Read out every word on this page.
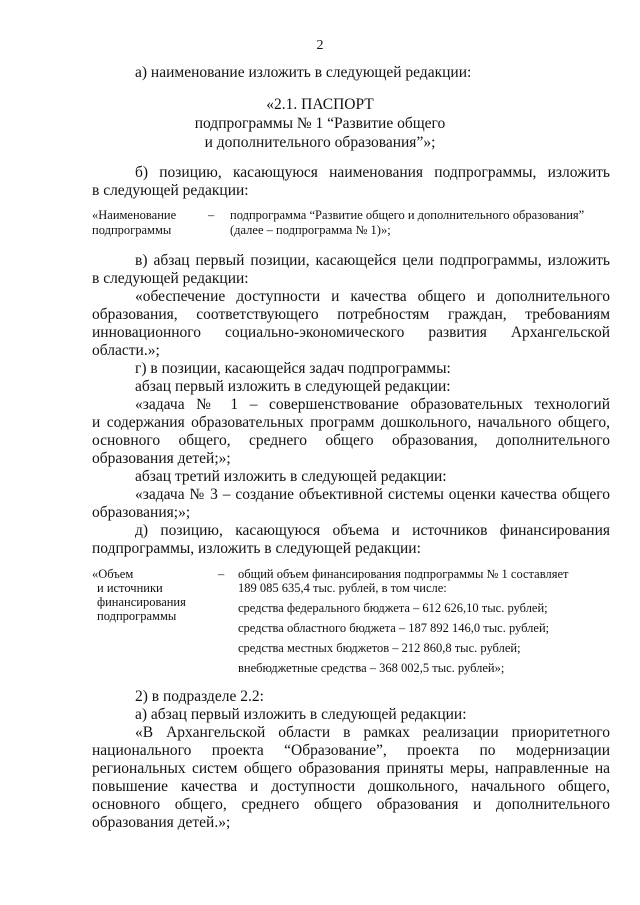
2
а) наименование изложить в следующей редакции:
«2.1. ПАСПОРТ
подпрограммы № 1 “Развитие общего
и дополнительного образования”»;
б) позицию, касающуюся наименования подпрограммы, изложить
в следующей редакции:
«Наименование
подпрограммы
– подпрограмма “Развитие общего и дополнительного образования”
(далее – подпрограмма № 1)»;
в) абзац первый позиции, касающейся цели подпрограммы, изложить
в следующей редакции:
«обеспечение доступности и качества общего и дополнительного
образования, соответствующего потребностям граждан, требованиям
инновационного социально-экономического развития Архангельской
области.»;
г) в позиции, касающейся задач подпрограммы:
абзац первый изложить в следующей редакции:
«задача № 1 – совершенствование образовательных технологий
и содержания образовательных программ дошкольного, начального общего,
основного общего, среднего общего образования, дополнительного
образования детей;»;
абзац третий изложить в следующей редакции:
«задача № 3 – создание объективной системы оценки качества общего
образования;»;
д) позицию, касающуюся объема и источников финансирования
подпрограммы, изложить в следующей редакции:
«Объем
и источники
финансирования
подпрограммы
– общий объем финансирования подпрограммы № 1 составляет
189 085 635,4 тыс. рублей, в том числе:
средства федерального бюджета – 612 626,10 тыс. рублей;
средства областного бюджета – 187 892 146,0 тыс. рублей;
средства местных бюджетов – 212 860,8 тыс. рублей;
внебюджетные средства – 368 002,5 тыс. рублей»;
2) в подразделе 2.2:
а) абзац первый изложить в следующей редакции:
«В Архангельской области в рамках реализации приоритетного
национального проекта “Образование”, проекта по модернизации
региональных систем общего образования приняты меры, направленные на
повышение качества и доступности дошкольного, начального общего,
основного общего, среднего общего образования и дополнительного
образования детей.»;
